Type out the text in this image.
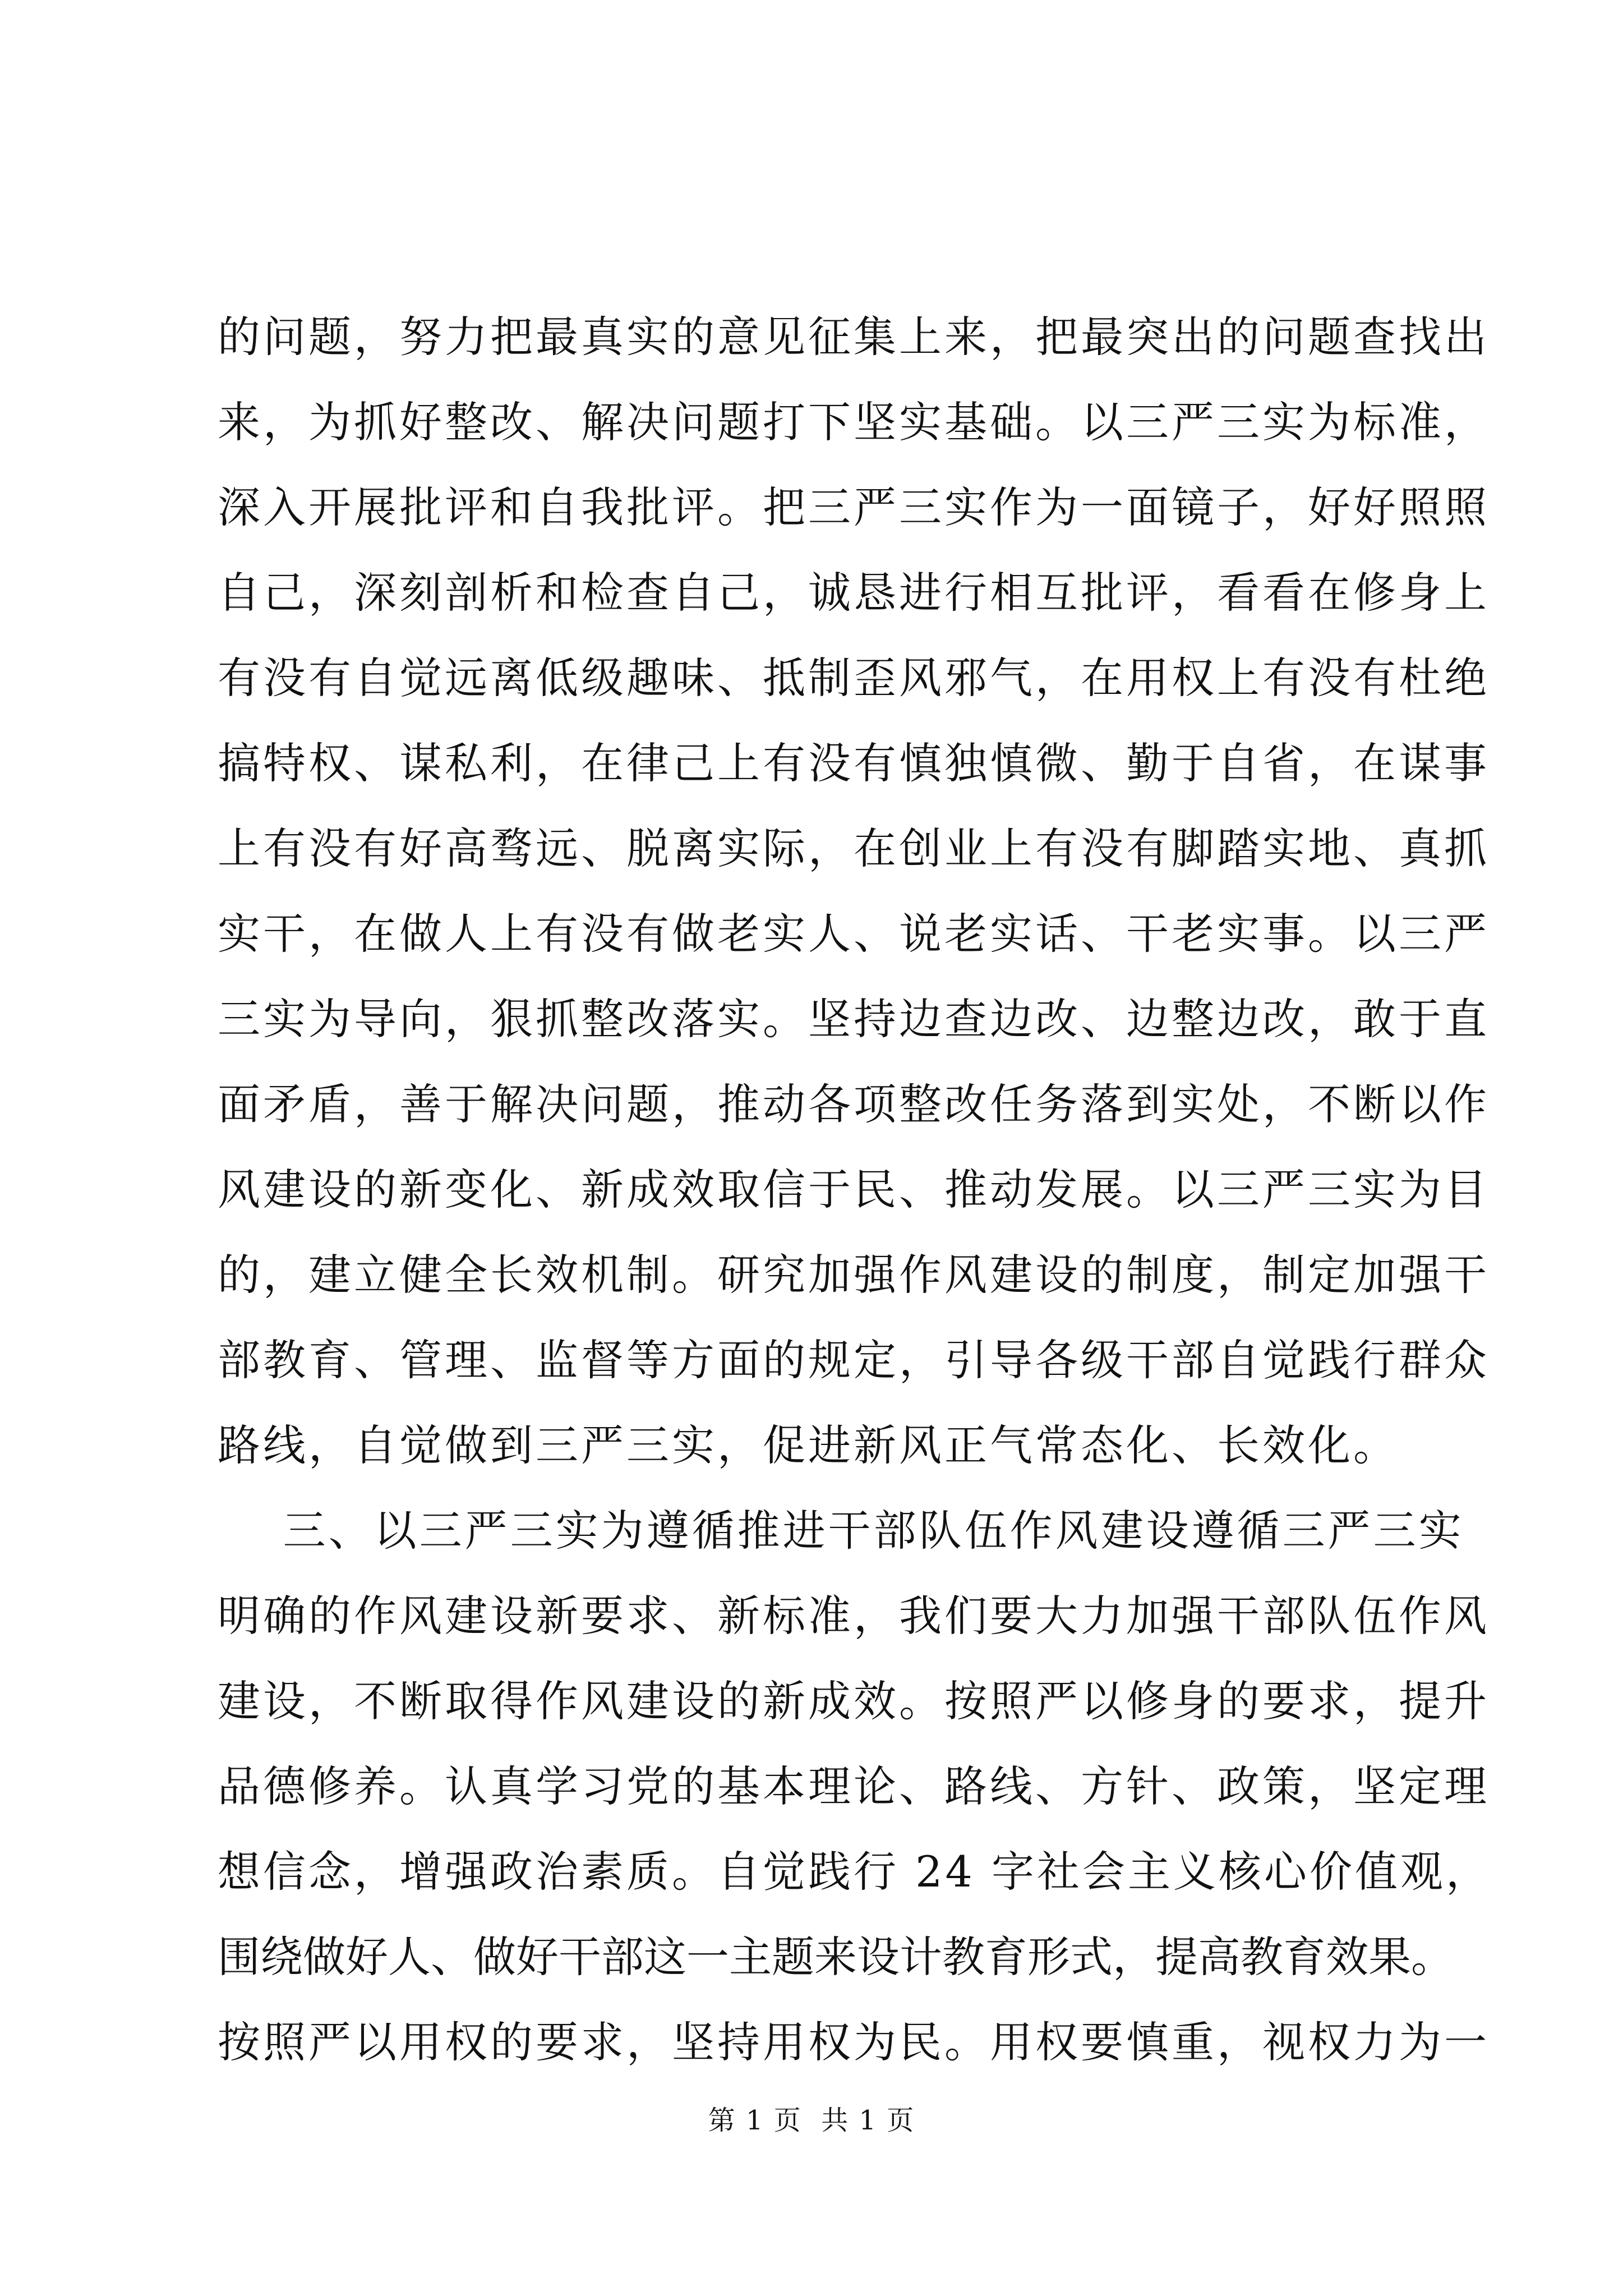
的问题，努力把最真实的意见征集上来，把最突出的问题查找出
来，为抓好整改、解决问题打下坚实基础。以三严三实为标准，
深入开展批评和自我批评。把三严三实作为一面镜子，好好照照
自己，深刻剖析和检查自己，诚恳进行相互批评，看看在修身上
有没有自觉远离低级趣味、抵制歪风邪气，在用权上有没有杜绝
搞特权、谋私利，在律己上有没有慎独慎微、勤于自省，在谋事
上有没有好高骛远、脱离实际，在创业上有没有脚踏实地、真抓
实干，在做人上有没有做老实人、说老实话、干老实事。以三严
三实为导向，狠抓整改落实。坚持边查边改、边整边改，敢于直
面矛盾，善于解决问题，推动各项整改任务落到实处，不断以作
风建设的新变化、新成效取信于民、推动发展。以三严三实为目
的，建立健全长效机制。研究加强作风建设的制度，制定加强干
部教育、管理、监督等方面的规定，引导各级干部自觉践行群众
路线，自觉做到三严三实，促进新风正气常态化、长效化。
三、以三严三实为遵循推进干部队伍作风建设遵循三严三实
明确的作风建设新要求、新标准，我们要大力加强干部队伍作风
建设，不断取得作风建设的新成效。按照严以修身的要求，提升
品德修养。认真学习党的基本理论、路线、方针、政策，坚定理
想信念，增强政治素质。自觉践行 24 字社会主义核心价值观，
围绕做好人、做好干部这一主题来设计教育形式，提高教育效果。
按照严以用权的要求，坚持用权为民。用权要慎重，视权力为一
第 1 页  共 1 页
